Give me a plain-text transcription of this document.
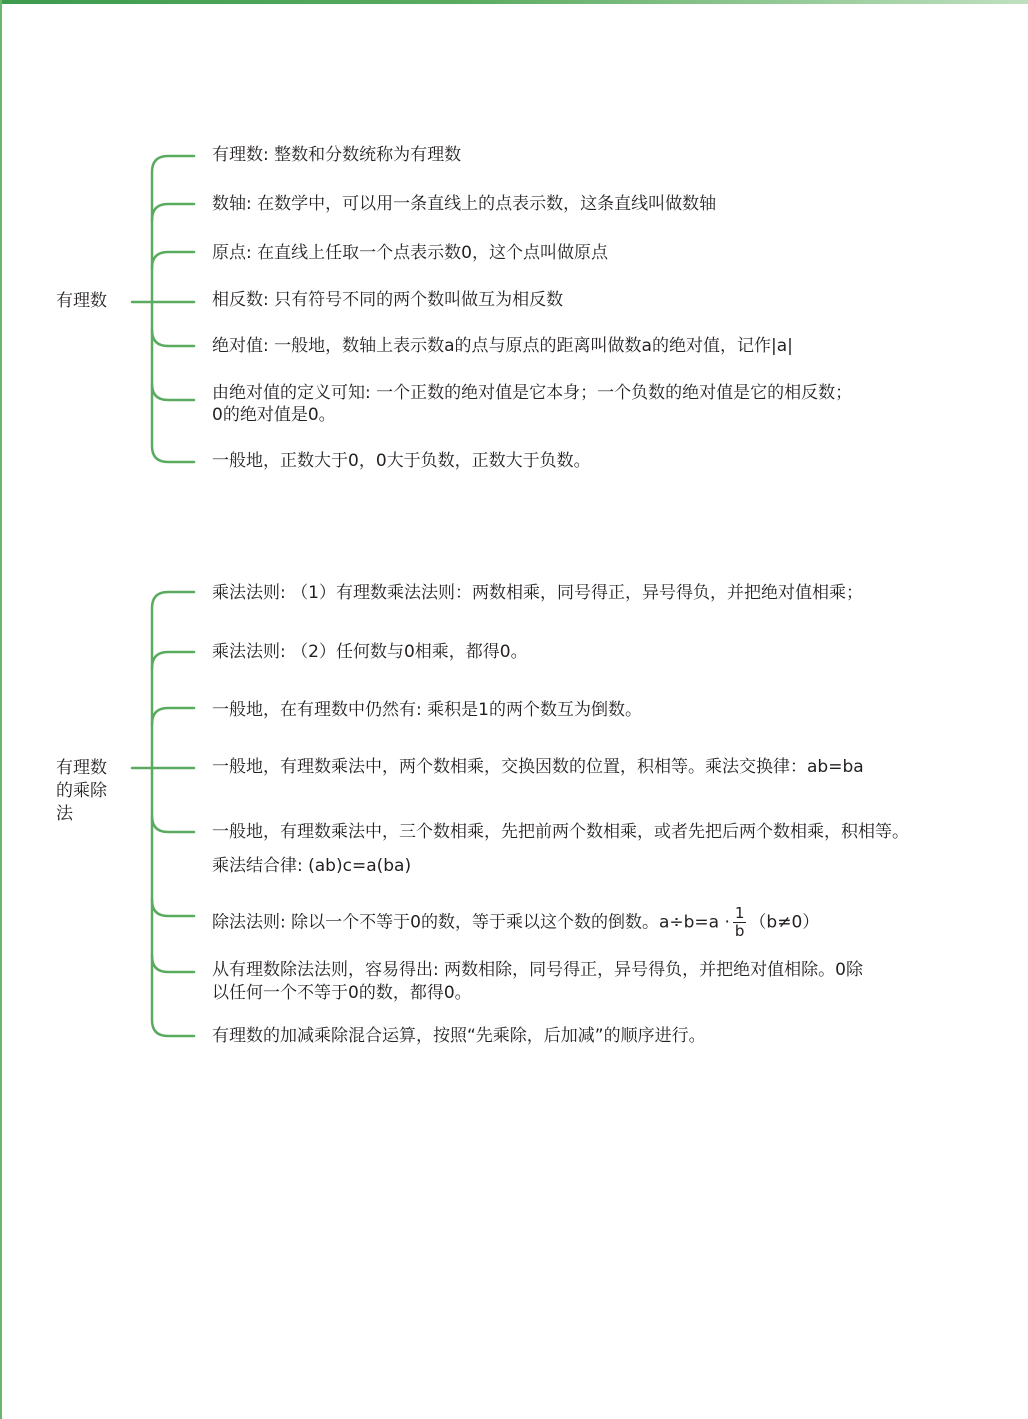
有理数
有理数: 整数和分数统称为有理数
数轴: 在数学中，可以用一条直线上的点表示数，这条直线叫做数轴
原点: 在直线上任取一个点表示数0，这个点叫做原点
相反数: 只有符号不同的两个数叫做互为相反数
绝对值: 一般地，数轴上表示数a的点与原点的距离叫做数a的绝对值，记作|a|
由绝对值的定义可知: 一个正数的绝对值是它本身；一个负数的绝对值是它的相反数；
0的绝对值是0。
一般地，正数大于0，0大于负数，正数大于负数。
有理数的乘除法
乘法法则: （1）有理数乘法法则：两数相乘，同号得正，异号得负，并把绝对值相乘；
乘法法则: （2）任何数与0相乘，都得0。
一般地，在有理数中仍然有: 乘积是1的两个数互为倒数。
一般地，有理数乘法中，两个数相乘，交换因数的位置，积相等。乘法交换律：ab=ba
一般地，有理数乘法中，三个数相乘，先把前两个数相乘，或者先把后两个数相乘，积相等。
乘法结合律: (ab)c=a(ba)
除法法则: 除以一个不等于0的数，等于乘以这个数的倒数。$a\div b=a \cdot \frac{1}{b} (b\ne 0)$
从有理数除法法则，容易得出: 两数相除，同号得正，异号得负，并把绝对值相除。0除
以任何一个不等于0的数，都得0。
有理数的加减乘除混合运算，按照“先乘除，后加减”的顺序进行。
